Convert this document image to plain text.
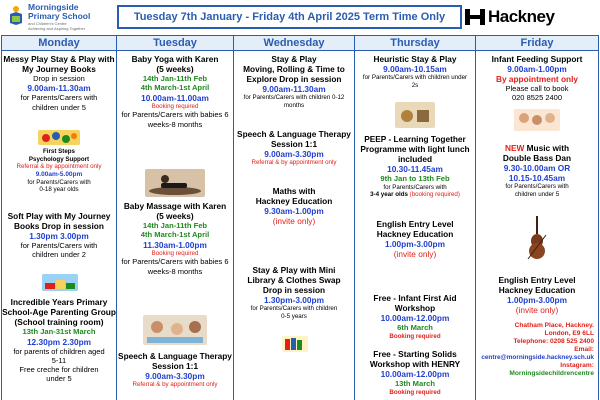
Morningside
Primary School
and Children's Centre
Achieving and Aspiring Together
Tuesday 7th January - Friday 4th April 2025 Term Time Only	Hackney
Monday
Messy Play Stay & Play with
My Journey Books
Drop in session
9.00am-11.30am
for Parents/Carers with
children under 5
First Steps
Psychology Support
Referral & by appointment only
9.00am-5.00pm
for Parents/Carers with
0-18 year olds
Soft Play with My Journey
Books Drop in session
1.30pm 3.00pm
for Parents/Carers with
children under 2
Incredible Years Primary
School-Age Parenting Group
(School training room)
13th Jan-31st March
12.30pm 2.30pm
for parents of children aged
5-11
Free creche for children
under 5
Tuesday
Baby Yoga with Karen
(5 weeks)
14th Jan-11th Feb
4th March-1st April
10.00am-11.00am
Booking required
for Parents/Carers with babies 6
weeks-8 months
Baby Massage with Karen
(5 weeks)
14th Jan-11th Feb
4th March-1st April
11.30am-1.00pm
Booking required
for Parents/Carers with babies 6
weeks-8 months
Speech & Language Therapy
Session 1:1
9.00am-3.30pm
Referral & by appointment only
Wednesday
Stay & Play
Moving, Rolling & Time to
Explore Drop in session
9.00am-11.30am
for Parents/Carers with children 0-12
months
Speech & Language Therapy
Session 1:1
9.00am-3.30pm
Referral & by appointment only
Maths with
Hackney Education
9.30am-1.00pm
(invite only)
Stay & Play with Mini
Library & Clothes Swap
Drop in session
1.30pm-3.00pm
for Parents/Carers with children
0-5 years
Thursday
Heuristic Stay & Play
9.00am-10.15am
for Parents/Carers with children under
2s
PEEP - Learning Together
Programme with light lunch
included
10.30-11.45am
9th Jan to 13th Feb
for Parents/Carers with
3-4 year olds (booking required)
English Entry Level
Hackney Education
1.00pm-3.00pm
(invite only)
Free - Infant First Aid
Workshop
10.00am-12.00pm
6th March
Booking required
Free - Starting Solids
Workshop with HENRY
10.00am-12.00pm
13th March
Booking required
Friday
Infant Feeding Support
9.00am-1.00pm
By appointment only
Please call to book
020 8525 2400
NEW Music with
Double Bass Dan
9.30-10.00am OR
10.15-10.45am
for Parents/Carers with
children under 5
English Entry Level
Hackney Education
1.00pm-3.00pm
(invite only)
Chatham Place, Hackney.
London, E9 6LL
Telephone: 0208 525 2400
Email:
centre@morningside.hackney.sch.uk
Instagram:
Morningsidechildrencentre
